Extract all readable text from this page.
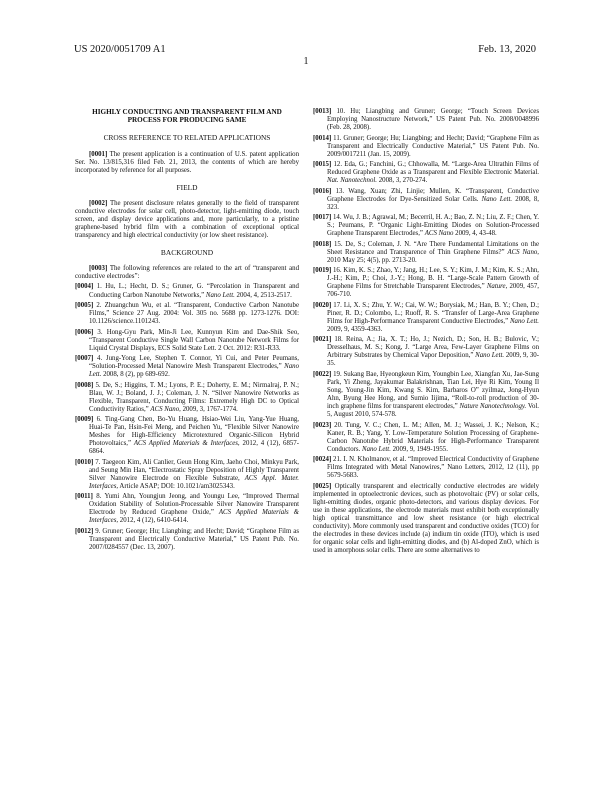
US 2020/0051709 A1	Feb. 13, 2020
1
HIGHLY CONDUCTING AND TRANSPARENT FILM AND PROCESS FOR PRODUCING SAME
CROSS REFERENCE TO RELATED APPLICATIONS
[0001] The present application is a continuation of U.S. patent application Ser. No. 13/815,316 filed Feb. 21, 2013, the contents of which are hereby incorporated by reference for all purposes.
FIELD
[0002] The present disclosure relates generally to the field of transparent conductive electrodes for solar cell, photo-detector, light-emitting diode, touch screen, and display device applications and, more particularly, to a pristine graphene-based hybrid film with a combination of exceptional optical transparency and high electrical conductivity (or low sheet resistance).
BACKGROUND
[0003] The following references are related to the art of “transparent and conductive electrodes”:
[0004] 1. Hu, L.; Hecht, D. S.; Gruner, G. “Percolation in Transparent and Conducting Carbon Nanotube Networks,” Nano Lett. 2004, 4, 2513-2517.
[0005] 2. Zhuangchun Wu, et al. “Transparent, Conductive Carbon Nanotube Films,” Science 27 Aug. 2004: Vol. 305 no. 5688 pp. 1273-1276. DOI: 10.1126/science.1101243.
[0006] 3. Hong-Gyu Park, Min-Ji Lee, Kunnyun Kim and Dae-Shik Seo, “Transparent Conductive Single Wall Carbon Nanotube Network Films for Liquid Crystal Displays, ECS Solid State Lett. 2 Oct. 2012: R31-R33.
[0007] 4. Jung-Yong Lee, Stephen T. Connor, Yi Cui, and Peter Peumans, “Solution-Processed Metal Nanowire Mesh Transparent Electrodes,” Nano Lett. 2008, 8 (2), pp 689-692.
[0008] 5. De, S.; Higgins, T. M.; Lyons, P. E.; Doherty, E. M.; Nirmalraj, P. N.; Blau, W. J.; Boland, J. J.; Coleman, J. N. “Silver Nanowire Networks as Flexible, Transparent, Conducting Films: Extremely High DC to Optical Conductivity Ratios,” ACS Nano, 2009, 3, 1767-1774.
[0009] 6. Ting-Gang Chen, Bo-Yu Huang, Hsiao-Wei Liu, Yang-Yue Huang, Huai-Te Pan, Hsin-Fei Meng, and Peichen Yu, “Flexible Silver Nanowire Meshes for High-Efficiency Microtextured Organic-Silicon Hybrid Photovoltaics,” ACS Applied Materials & Interfaces, 2012, 4 (12), 6857-6864.
[0010] 7. Taegeon Kim, Ali Canlier, Geun Hong Kim, Jaeho Choi, Minkyu Park, and Seung Min Han, “Electrostatic Spray Deposition of Highly Transparent Silver Nanowire Electrode on Flexible Substrate, ACS Appl. Mater. Interfaces, Article ASAP; DOI: 10.1021/am3025343.
[0011] 8. Yumi Ahn, Youngjun Jeong, and Youngu Lee, “Improved Thermal Oxidation Stability of Solution-Processable Silver Nanowire Transparent Electrode by Reduced Graphene Oxide,” ACS Applied Materials & Interfaces, 2012, 4 (12), 6410-6414.
[0012] 9. Gruner; George; Hu; Liangbing; and Hecht; David; “Graphene Film as Transparent and Electrically Conductive Material,” US Patent Pub. No. 2007/0284557 (Dec. 13, 2007).
[0013] 10. Hu; Liangbing and Gruner; George; “Touch Screen Devices Employing Nanostructure Network,” US Patent Pub. No. 2008/0048996 (Feb. 28, 2008).
[0014] 11. Gruner; George; Hu; Liangbing; and Hecht; David; “Graphene Film as Transparent and Electrically Conductive Material,” US Patent Pub. No. 2009/0017211 (Jan. 15, 2009).
[0015] 12. Eda, G.; Fanchini, G.; Chhowalla, M. “Large-Area Ultrathin Films of Reduced Graphene Oxide as a Transparent and Flexible Electronic Material. Nat. Nanotechnol. 2008, 3, 270-274.
[0016] 13. Wang, Xuan; Zhi, Linjie; Mullen, K. “Transparent, Conductive Graphene Electrodes for Dye-Sensitized Solar Cells. Nano Lett. 2008, 8, 323.
[0017] 14. Wu, J. B.; Agrawal, M.; Becerril, H. A.; Bao, Z. N.; Liu, Z. F.; Chen, Y. S.; Peumans, P. “Organic Light-Emitting Diodes on Solution-Processed Graphene Transparent Electrodes,” ACS Nano 2009, 4, 43-48.
[0018] 15. De, S.; Coleman, J. N. “Are There Fundamental Limitations on the Sheet Resistance and Transparence of Thin Graphene Films?” ACS Nano, 2010 May 25; 4(5), pp. 2713-20.
[0019] 16. Kim, K. S.; Zhao, Y.; Jang, H.; Lee, S. Y.; Kim, J. M.; Kim, K. S.; Ahn, J.-H.; Kim, P.; Choi, J.-Y.; Hong, B. H. “Large-Scale Pattern Growth of Graphene Films for Stretchable Transparent Electrodes,” Nature, 2009, 457, 706-710.
[0020] 17. Li, X. S.; Zhu, Y. W.; Cai, W. W.; Borysiak, M.; Han, B. Y.; Chen, D.; Piner, R. D.; Colombo, L.; Ruoff, R. S. “Transfer of Large-Area Graphene Films for High-Performance Transparent Conductive Electrodes,” Nano Lett. 2009, 9, 4359-4363.
[0021] 18. Reina, A.; Jia, X. T.; Ho, J.; Nezich, D.; Son, H. B.; Bulovic, V.; Dresselhaus, M. S.; Kong, J. “Large Area, Few-Layer Graphene Films on Arbitrary Substrates by Chemical Vapor Deposition,” Nano Lett. 2009, 9, 30-35.
[0022] 19. Sukang Bae, Hyeongkeun Kim, Youngbin Lee, Xiangfan Xu, Jae-Sung Park, Yi Zheng, Jayakumar Balakrishnan, Tian Lei, Hye Ri Kim, Young Il Song, Young-Jin Kim, Kwang S. Kim, Barbaros O” zyilmaz, Jong-Hyun Ahn, Byung Hee Hong, and Sumio Iijima, “Roll-to-roll production of 30-inch graphene films for transparent electrodes,” Nature Nanotechnology. Vol. 5, August 2010, 574-578.
[0023] 20. Tung, V. C.; Chen, L. M.; Allen, M. J.; Wassei, J. K.; Nelson, K.; Kaner, R. B.; Yang, Y. Low-Temperature Solution Processing of Graphene-Carbon Nanotube Hybrid Materials for High-Performance Transparent Conductors. Nano Lett. 2009, 9, 1949-1955.
[0024] 21. I. N. Kholmanov, et al. “Improved Electrical Conductivity of Graphene Films Integrated with Metal Nanowires,” Nano Letters, 2012, 12 (11), pp 5679-5683.
[0025] Optically transparent and electrically conductive electrodes are widely implemented in optoelectronic devices, such as photovoltaic (PV) or solar cells, light-emitting diodes, organic photo-detectors, and various display devices. For use in these applications, the electrode materials must exhibit both exceptionally high optical transmittance and low sheet resistance (or high electrical conductivity). More commonly used transparent and conductive oxides (TCO) for the electrodes in these devices include (a) indium tin oxide (ITO), which is used for organic solar cells and light-emitting diodes, and (b) Al-doped ZnO, which is used in amorphous solar cells. There are some alternatives to
